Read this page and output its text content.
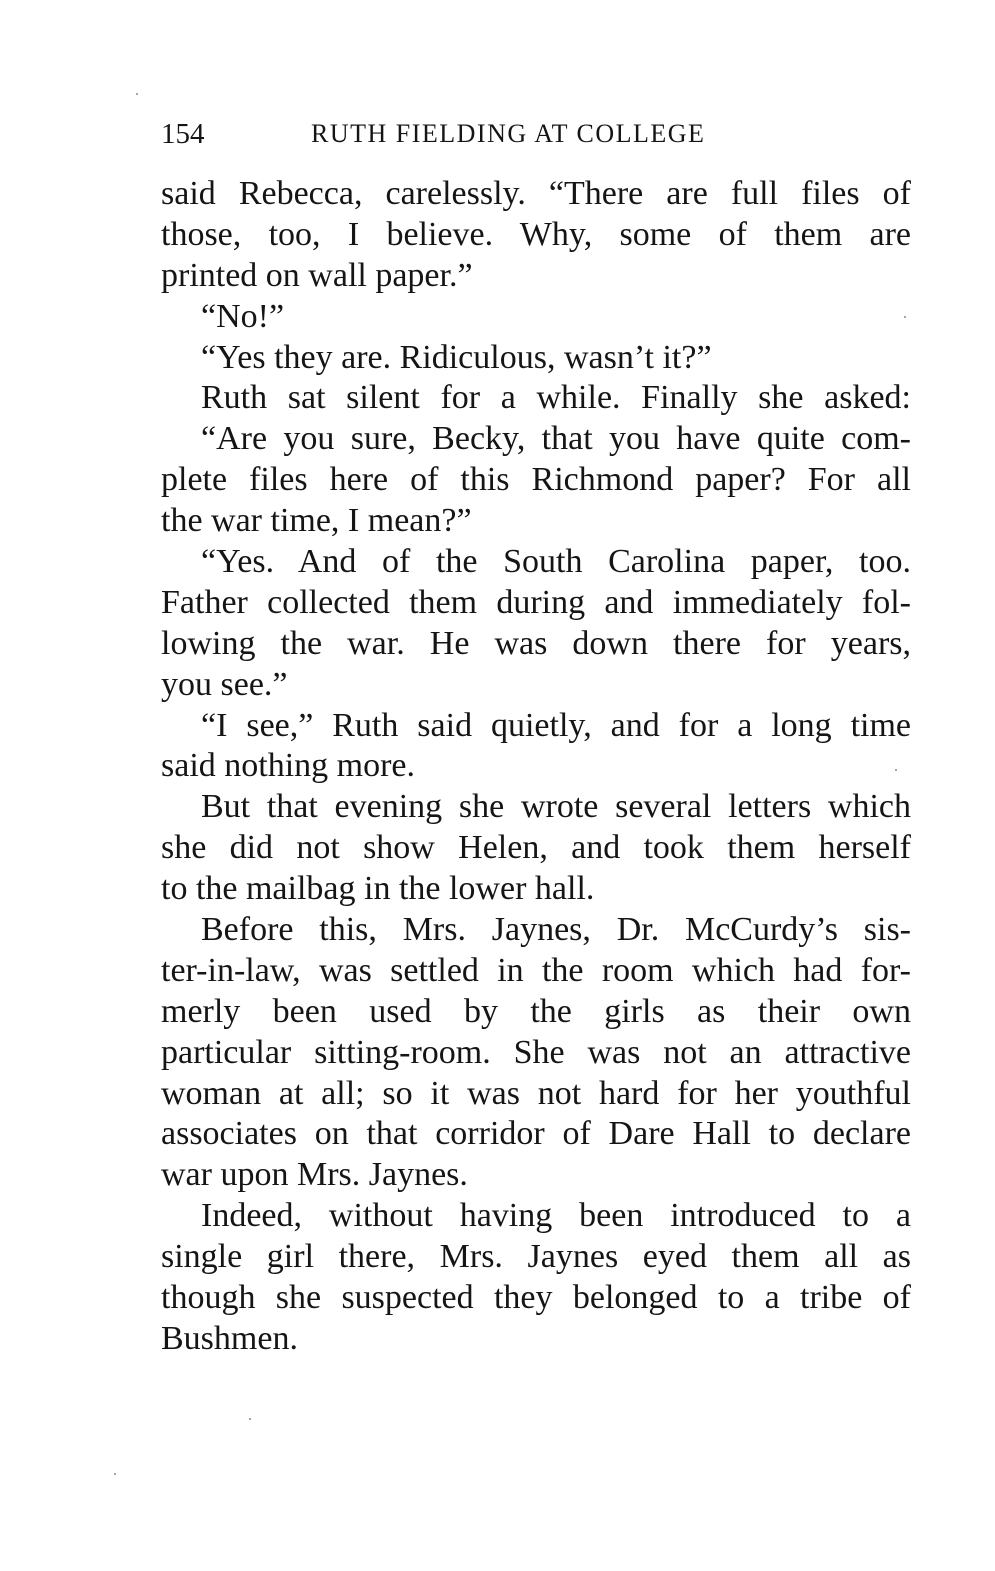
154	RUTH FIELDING AT COLLEGE
said Rebecca, carelessly. “There are full files of
those, too, I believe. Why, some of them are
printed on wall paper.”
“No!”
“Yes they are. Ridiculous, wasn’t it?”
Ruth sat silent for a while. Finally she asked:
“Are you sure, Becky, that you have quite com-
plete files here of this Richmond paper? For all
the war time, I mean?”
“Yes. And of the South Carolina paper, too.
Father collected them during and immediately fol-
lowing the war. He was down there for years,
you see.”
“I see,” Ruth said quietly, and for a long time
said nothing more.
But that evening she wrote several letters which
she did not show Helen, and took them herself
to the mailbag in the lower hall.
Before this, Mrs. Jaynes, Dr. McCurdy’s sis-
ter-in-law, was settled in the room which had for-
merly been used by the girls as their own
particular sitting-room. She was not an attractive
woman at all; so it was not hard for her youthful
associates on that corridor of Dare Hall to declare
war upon Mrs. Jaynes.
Indeed, without having been introduced to a
single girl there, Mrs. Jaynes eyed them all as
though she suspected they belonged to a tribe of
Bushmen.
